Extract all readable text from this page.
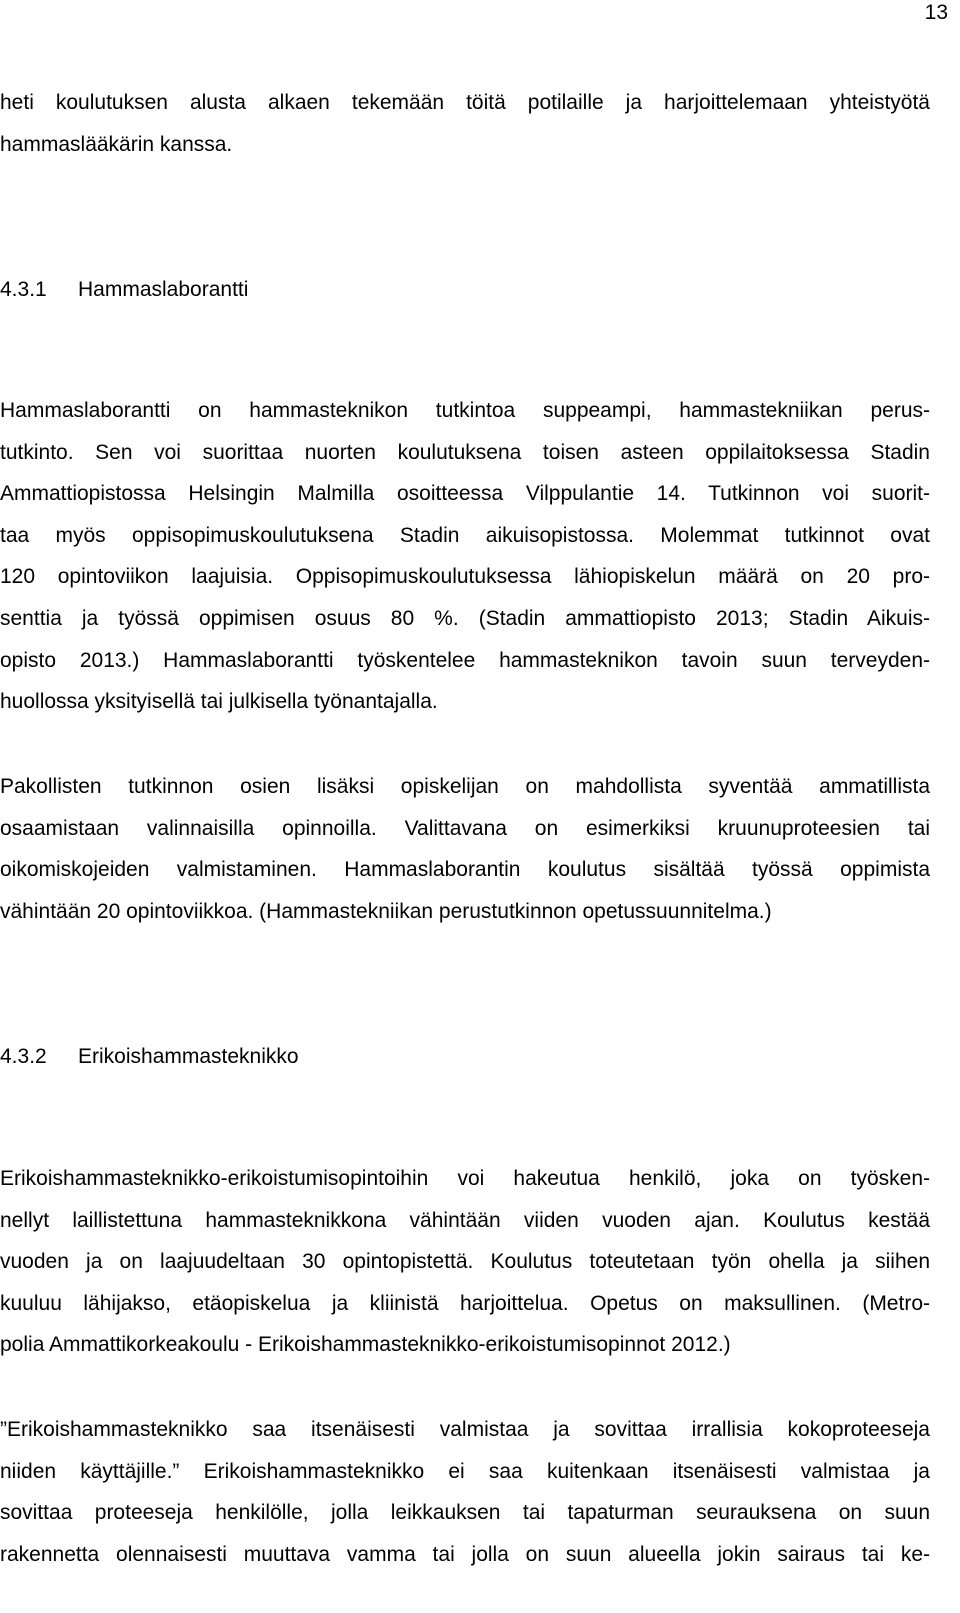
13
heti koulutuksen alusta alkaen tekemään töitä potilaille ja harjoittelemaan yhteistyötä
hammaslääkärin kanssa.
4.3.1 Hammaslaborantti
Hammaslaborantti on hammasteknikon tutkintoa suppeampi, hammastekniikan perus-
tutkinto. Sen voi suorittaa nuorten koulutuksena toisen asteen oppilaitoksessa Stadin
Ammattiopistossa Helsingin Malmilla osoitteessa Vilppulantie 14. Tutkinnon voi suorit-
taa myös oppisopimuskoulutuksena Stadin aikuisopistossa. Molemmat tutkinnot ovat
120 opintoviikon laajuisia. Oppisopimuskoulutuksessa lähiopiskelun määrä on 20 pro-
senttia ja työssä oppimisen osuus 80 %. (Stadin ammattiopisto 2013; Stadin Aikuis-
opisto 2013.) Hammaslaborantti työskentelee hammasteknikon tavoin suun terveyden-
huollossa yksityisellä tai julkisella työnantajalla.
Pakollisten tutkinnon osien lisäksi opiskelijan on mahdollista syventää ammatillista
osaamistaan valinnaisilla opinnoilla. Valittavana on esimerkiksi kruunuproteesien tai
oikomiskojeiden valmistaminen. Hammaslaborantin koulutus sisältää työssä oppimista
vähintään 20 opintoviikkoa. (Hammastekniikan perustutkinnon opetussuunnitelma.)
4.3.2 Erikoishammasteknikko
Erikoishammasteknikko-erikoistumisopintoihin voi hakeutua henkilö, joka on työsken-
nellyt laillistettuna hammasteknikkona vähintään viiden vuoden ajan. Koulutus kestää
vuoden ja on laajuudeltaan 30 opintopistettä. Koulutus toteutetaan työn ohella ja siihen
kuuluu lähijakso, etäopiskelua ja kliinistä harjoittelua. Opetus on maksullinen. (Metro-
polia Ammattikorkeakoulu - Erikoishammasteknikko-erikoistumisopinnot 2012.)
”Erikoishammasteknikko saa itsenäisesti valmistaa ja sovittaa irrallisia kokoproteeseja
niiden käyttäjille.” Erikoishammasteknikko ei saa kuitenkaan itsenäisesti valmistaa ja
sovittaa proteeseja henkilölle, jolla leikkauksen tai tapaturman seurauksena on suun
rakennetta olennaisesti muuttava vamma tai jolla on suun alueella jokin sairaus tai ke-
